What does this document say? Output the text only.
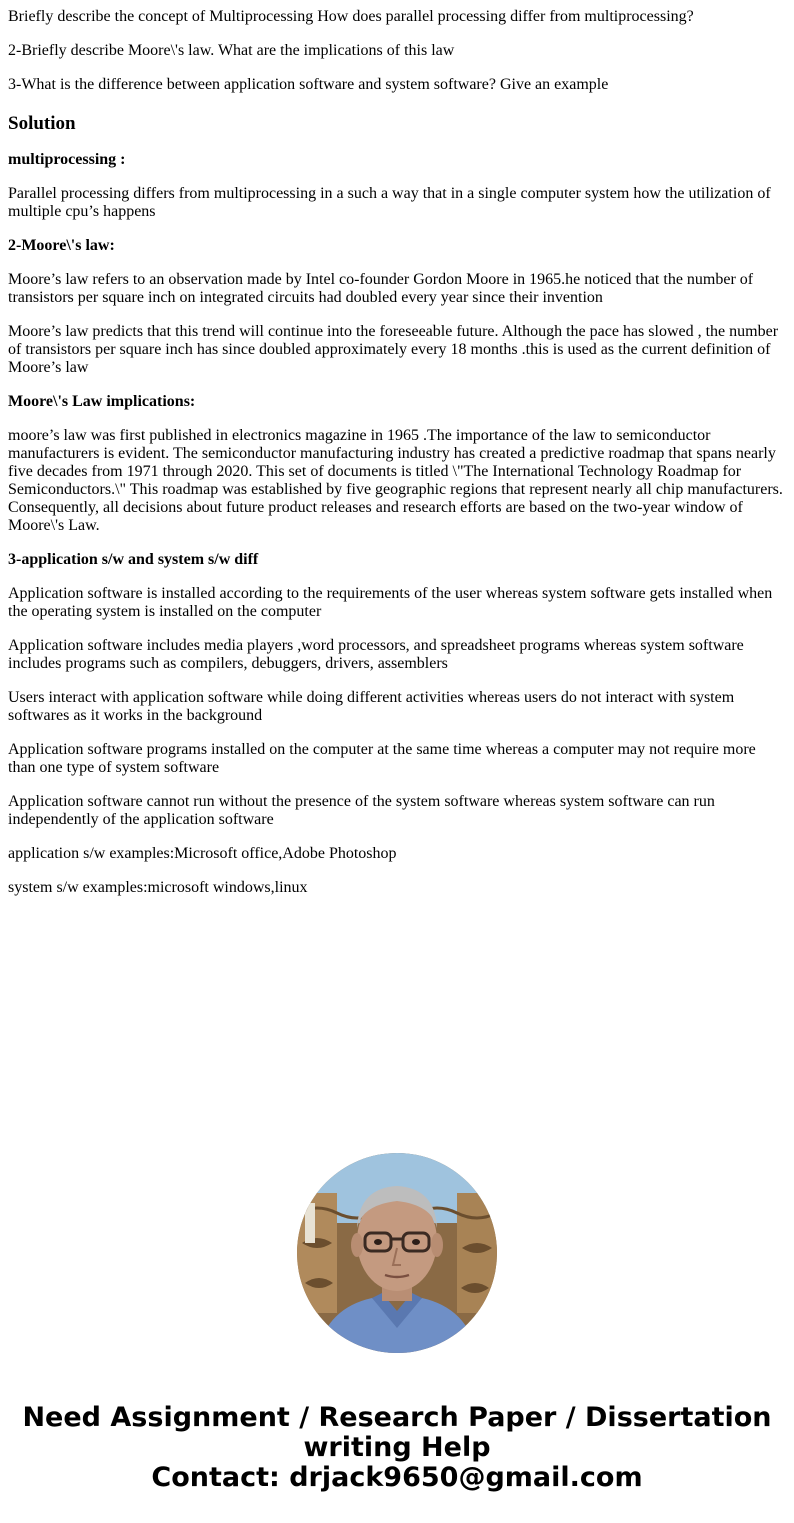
Briefly describe the concept of Multiprocessing How does parallel processing differ from multiprocessing?

2-Briefly describe Moore\'s law. What are the implications of this law

3-What is the difference between application software and system software? Give an example

Solution

multiprocessing :

Parallel processing differs from multiprocessing in a such a way that in a single computer system how the utilization of multiple cpu’s happens

2-Moore\'s law:

Moore’s law refers to an observation made by Intel co-founder Gordon Moore in 1965.he noticed that the number of transistors per square inch on integrated circuits had doubled every year since their invention

Moore’s law predicts that this trend will continue into the foreseeable future. Although the pace has slowed , the number of transistors per square inch has since doubled approximately every 18 months .this is used as the current definition of Moore’s law

Moore\'s Law implications:

moore’s law was first published in electronics magazine in 1965 .The importance of the law to semiconductor manufacturers is evident. The semiconductor manufacturing industry has created a predictive roadmap that spans nearly five decades from 1971 through 2020. This set of documents is titled \"The International Technology Roadmap for Semiconductors.\" This roadmap was established by five geographic regions that represent nearly all chip manufacturers. Consequently, all decisions about future product releases and research efforts are based on the two-year window of Moore\'s Law.

3-application s/w and system s/w diff

Application software is installed according to the requirements of the user whereas system software gets installed when the operating system is installed on the computer

Application software includes media players ,word processors, and spreadsheet programs whereas system software includes programs such as compilers, debuggers, drivers, assemblers

Users interact with application software while doing different activities whereas users do not interact with system softwares as it works in the background

Application software programs installed on the computer at the same time whereas a computer may not require more than one type of system software

Application software cannot run without the presence of the system software whereas system software can run independently of the application software

application s/w examples:Microsoft office,Adobe Photoshop

system s/w examples:microsoft windows,linux

Need Assignment / Research Paper / Dissertation
writing Help
Contact: drjack9650@gmail.com
